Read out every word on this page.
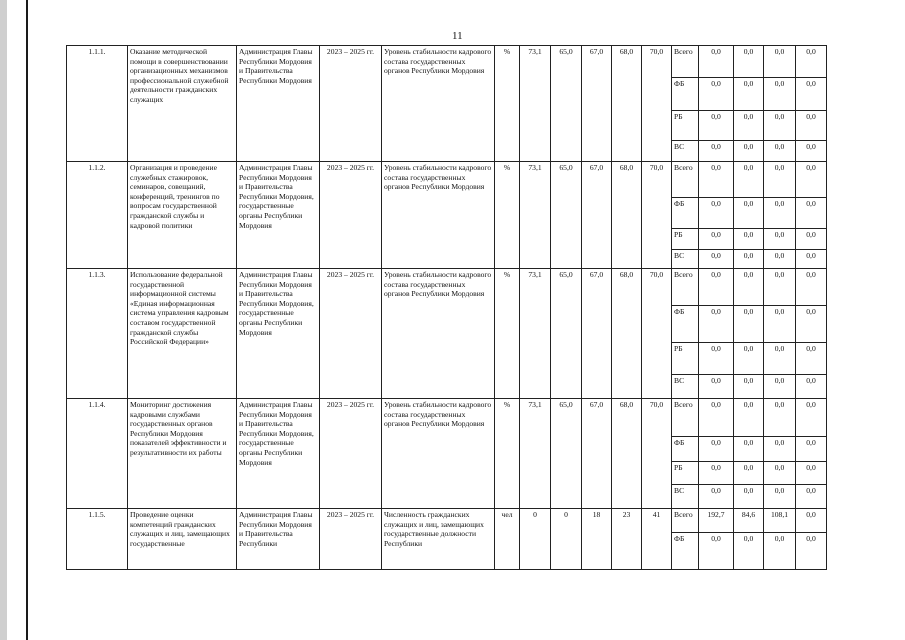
11
1.1.1.	Оказание методической помощи в совершенствовании организационных механизмов профессиональной служебной деятельности гражданских служащих	Администрация Главы Республики Мордовия и Правительства Республики Мордовия	2023 – 2025 гг.	Уровень стабильности кадрового состава государственных органов Республики Мордовия	%	73,1	65,0	67,0	68,0	70,0	Всего	0,0	0,0	0,0	0,0
											ФБ	0,0	0,0	0,0	0,0
											РБ	0,0	0,0	0,0	0,0
											ВС	0,0	0,0	0,0	0,0
1.1.2.	Организация и проведение служебных стажировок, семинаров, совещаний, конференций, тренингов по вопросам государственной гражданской службы и кадровой политики	Администрация Главы Республики Мордовия и Правительства Республики Мордовия, государственные органы Республики Мордовия	2023 – 2025 гг.	Уровень стабильности кадрового состава государственных органов Республики Мордовия	%	73,1	65,0	67,0	68,0	70,0	Всего	0,0	0,0	0,0	0,0
											ФБ	0,0	0,0	0,0	0,0
											РБ	0,0	0,0	0,0	0,0
											ВС	0,0	0,0	0,0	0,0
1.1.3.	Использование федеральной государственной информационной системы «Единая информационная система управления кадровым составом государственной гражданской службы Российской Федерации»	Администрация Главы Республики Мордовия и Правительства Республики Мордовия, государственные органы Республики Мордовия	2023 – 2025 гг.	Уровень стабильности кадрового состава государственных органов Республики Мордовия	%	73,1	65,0	67,0	68,0	70,0	Всего	0,0	0,0	0,0	0,0
											ФБ	0,0	0,0	0,0	0,0
											РБ	0,0	0,0	0,0	0,0
											ВС	0,0	0,0	0,0	0,0
1.1.4.	Мониторинг достижения кадровыми службами государственных органов Республики Мордовия показателей эффективности и результативности их работы	Администрация Главы Республики Мордовия и Правительства Республики Мордовия, государственные органы Республики Мордовия	2023 – 2025 гг.	Уровень стабильности кадрового состава государственных органов Республики Мордовия	%	73,1	65,0	67,0	68,0	70,0	Всего	0,0	0,0	0,0	0,0
											ФБ	0,0	0,0	0,0	0,0
											РБ	0,0	0,0	0,0	0,0
											ВС	0,0	0,0	0,0	0,0
1.1.5.	Проведение оценки компетенций гражданских служащих и лиц, замещающих государственные	Администрация Главы Республики Мордовия и Правительства Республики	2023 – 2025 гг.	Численность гражданских служащих и лиц, замещающих государственные должности Республики	чел	0	0	18	23	41	Всего	192,7	84,6	108,1	0,0
											ФБ	0,0	0,0	0,0	0,0
